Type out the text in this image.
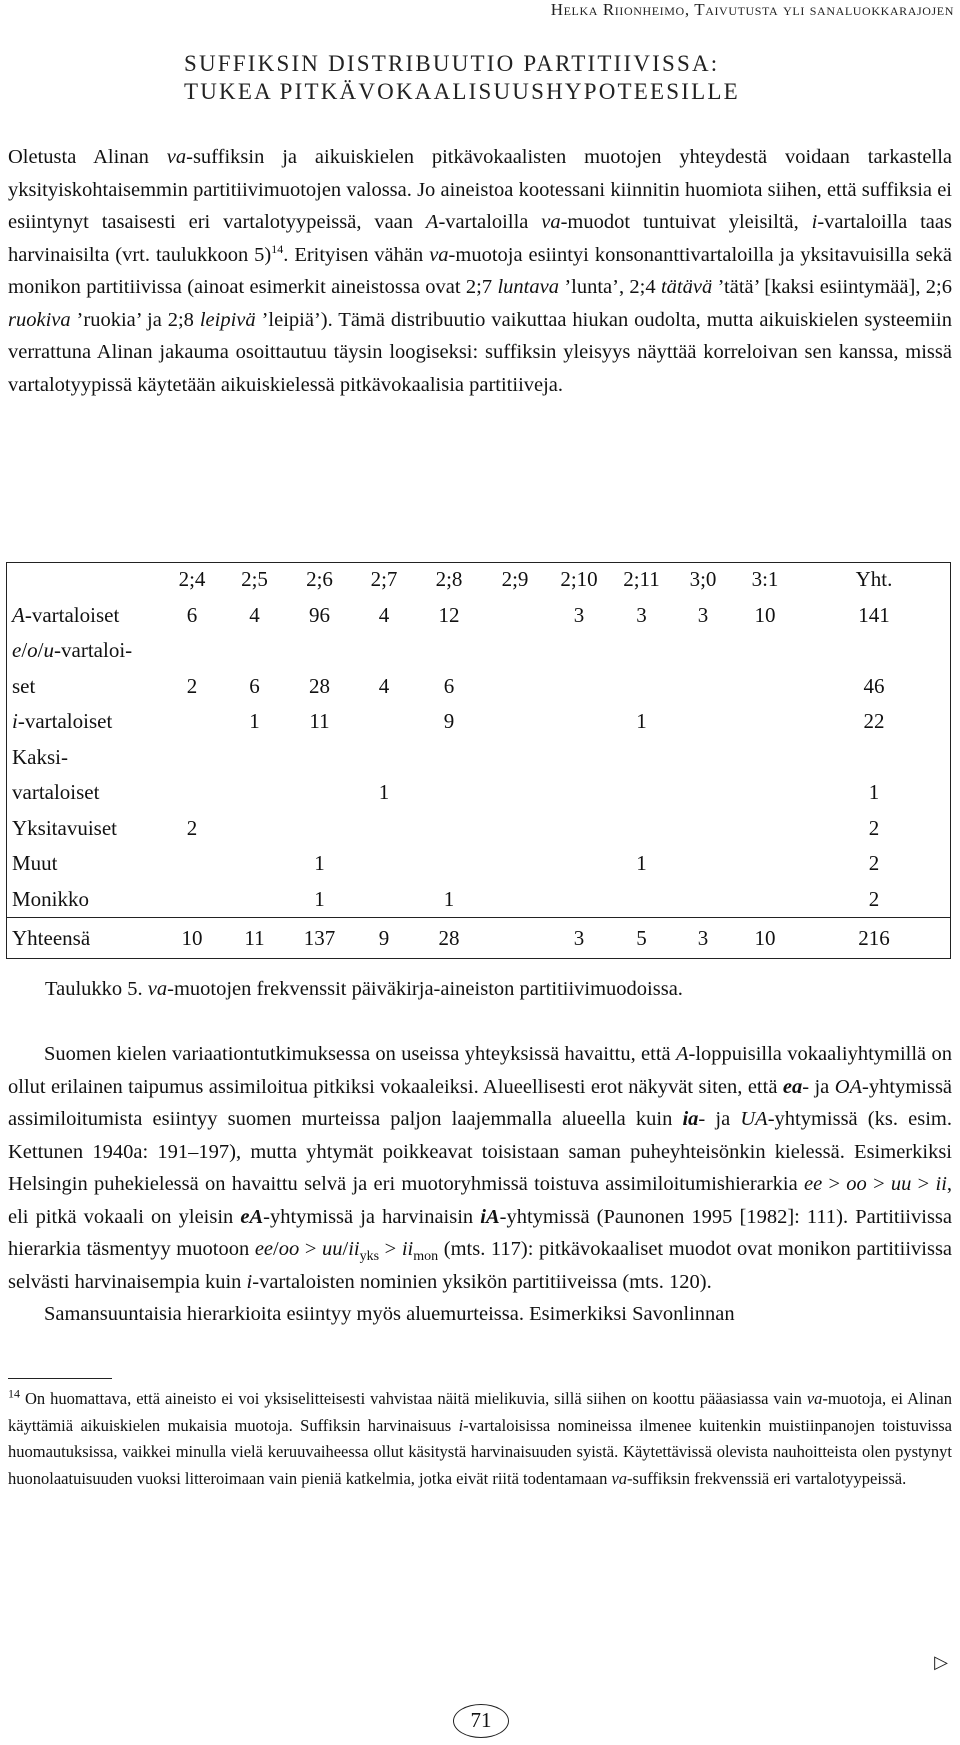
Helka Riionheimo, Taivutusta yli sanaluokkarajojen
SUFFIKSIN DISTRIBUUTIO PARTITIIVISSA:
TUKEA PITKÄVOKAALISUUSHYPOTEESILLE

Oletusta Alinan va-suffiksin ja aikuiskielen pitkävokaalisten muotojen yhteydestä voidaan tarkastella yksityiskohtaisemmin partitiivimuotojen valossa. Jo aineistoa kootessani kiinnitin huomiota siihen, että suffiksia ei esiintynyt tasaisesti eri vartalotyypeissä, vaan A-vartaloilla va-muodot tuntuivat yleisiltä, i-vartaloilla taas harvinaisilta (vrt. taulukkoon 5)$^{14}$. Erityisen vähän va-muotoja esiintyi konsonanttivartaloilla ja yksitavuisilla sekä monikon partitiivissa (ainoat esimerkit aineistossa ovat 2;7 luntava ’lunta’, 2;4 tätävä ’tätä’ [kaksi esiintymää], 2;6 ruokiva ’ruokia’ ja 2;8 leipivä ’leipiä’). Tämä distribuutio vaikuttaa hiukan oudolta, mutta aikuiskielen systeemiin verrattuna Alinan jakauma osoittautuu täysin loogiseksi: suffiksin yleisyys näyttää korreloivan sen kanssa, missä vartalotyypissä käytetään aikuiskielessä pitkävokaalisia partitiiveja.

	2;4	2;5	2;6	2;7	2;8	2;9	2;10	2;11	3;0	3:1	Yht.
A-vartaloiset	6	4	96	4	12		3	3	3	10	141
e/o/u-vartaloi-											
set	2	6	28	4	6						46
i-vartaloiset		1	11		9			1			22
Kaksi-											
vartaloiset				1							1
Yksitavuiset	2										2
Muut			1					1			2
Monikko			1		1						2
Yhteensä	10	11	137	9	28		3	5	3	10	216

Taulukko 5. va-muotojen frekvenssit päiväkirja-aineiston partitiivimuodoissa.

Suomen kielen variaationtutkimuksessa on useissa yhteyksissä havaittu, että A-loppuisilla vokaaliyhtymillä on ollut erilainen taipumus assimiloitua pitkiksi vokaaleiksi. Alueellisesti erot näkyvät siten, että ea- ja OA-yhtymissä assimiloitumista esiintyy suomen murteissa paljon laajemmalla alueella kuin ia- ja UA-yhtymissä (ks. esim. Kettunen 1940a: 191–197), mutta yhtymät poikkeavat toisistaan saman puheyhteisönkin kielessä. Esimerkiksi Helsingin puhekielessä on havaittu selvä ja eri muotoryhmissä toistuva assimiloitumishierarkia ee > oo > uu > ii, eli pitkä vokaali on yleisin eA-yhtymissä ja harvinaisin iA-yhtymissä (Paunonen 1995 [1982]: 111). Partitiivissa hierarkia täsmentyy muotoon $ee/oo > uu/ii_{yks} > ii_{mon}$ (mts. 117): pitkävokaaliset muodot ovat monikon partitiivissa selvästi harvinaisempia kuin i-vartaloisten nominien yksikön partitiiveissa (mts. 120).

Samansuuntaisia hierarkioita esiintyy myös aluemurteissa. Esimerkiksi Savonlinnan

$^{14}$ On huomattava, että aineisto ei voi yksiselitteisesti vahvistaa näitä mielikuvia, sillä siihen on koottu pääasiassa vain va-muotoja, ei Alinan käyttämiä aikuiskielen mukaisia muotoja. Suffiksin harvinaisuus i-vartaloisissa nomineissa ilmenee kuitenkin muistiinpanojen toistuvissa huomautuksissa, vaikkei minulla vielä keruuvaiheessa ollut käsitystä harvinaisuuden syistä. Käytettävissä olevista nauhoitteista olen pystynyt huonolaatuisuuden vuoksi litteroimaan vain pieniä katkelmia, jotka eivät riitä todentamaan va-suffiksin frekvenssiä eri vartalotyypeissä.

▷
71
